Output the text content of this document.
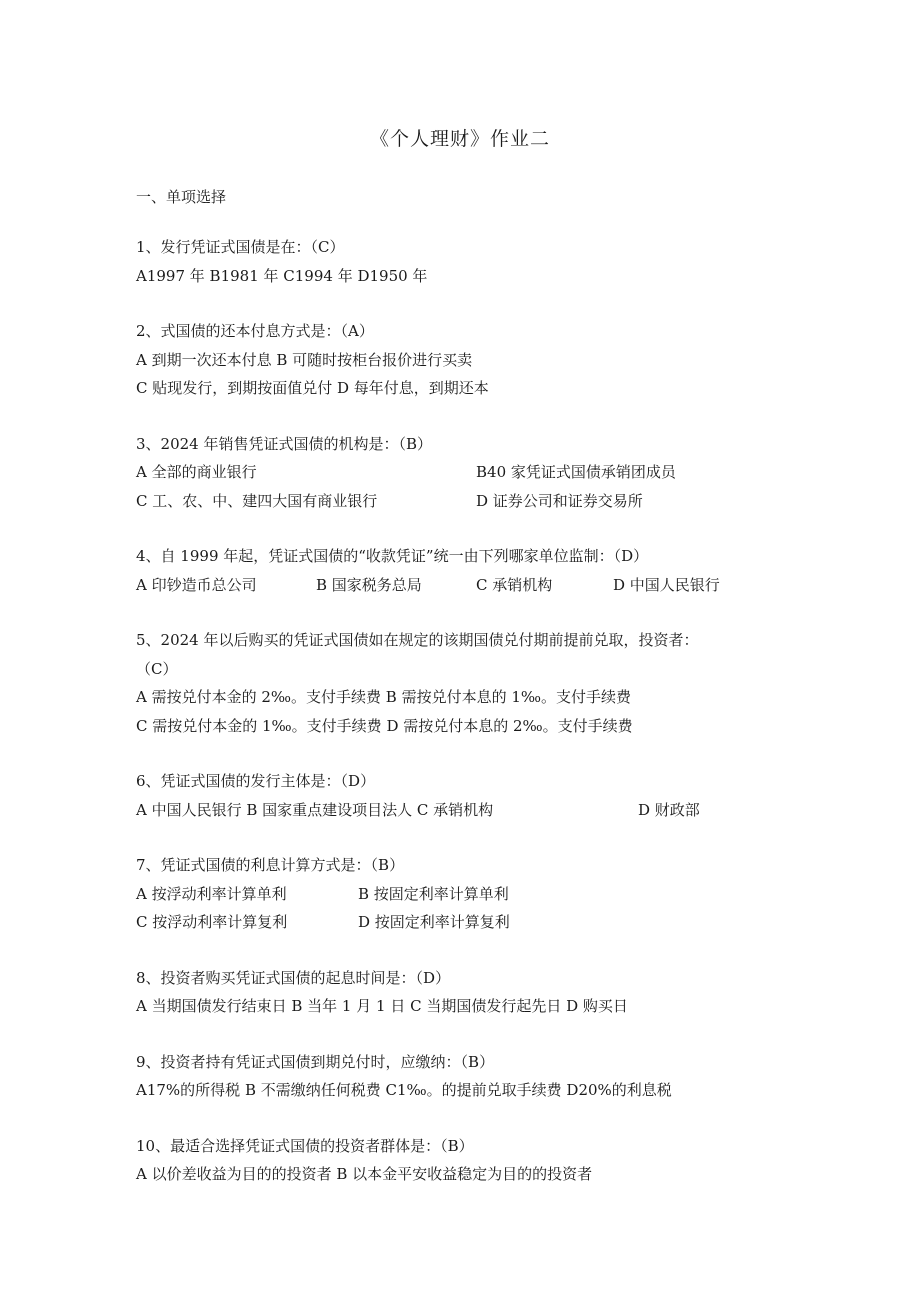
《个人理财》作业二
一、单项选择
1、发行凭证式国债是在：（C）
A1997 年 B1981 年 C1994 年 D1950 年
2、式国债的还本付息方式是：（A）
A 到期一次还本付息 B 可随时按柜台报价进行买卖
C 贴现发行，到期按面值兑付 D 每年付息，到期还本
3、2024 年销售凭证式国债的机构是：（B）
A 全部的商业银行	B40 家凭证式国债承销团成员
C 工、农、中、建四大国有商业银行	D 证券公司和证券交易所
4、自 1999 年起，凭证式国债的“收款凭证”统一由下列哪家单位监制：（D）
A 印钞造币总公司	B 国家税务总局	C 承销机构	D 中国人民银行
5、2024 年以后购买的凭证式国债如在规定的该期国债兑付期前提前兑取，投资者：
（C）
A 需按兑付本金的 2‰。支付手续费 B 需按兑付本息的 1‰。支付手续费
C 需按兑付本金的 1‰。支付手续费 D 需按兑付本息的 2‰。支付手续费
6、凭证式国债的发行主体是：（D）
A 中国人民银行 B 国家重点建设项目法人 C 承销机构	D 财政部
7、凭证式国债的利息计算方式是：（B）
A 按浮动利率计算单利	B 按固定利率计算单利
C 按浮动利率计算复利	D 按固定利率计算复利
8、投资者购买凭证式国债的起息时间是：（D）
A 当期国债发行结束日 B 当年 1 月 1 日 C 当期国债发行起先日 D 购买日
9、投资者持有凭证式国债到期兑付时，应缴纳：（B）
A17%的所得税 B 不需缴纳任何税费 C1‰。的提前兑取手续费 D20%的利息税
10、最适合选择凭证式国债的投资者群体是：（B）
A 以价差收益为目的的投资者 B 以本金平安收益稳定为目的的投资者
